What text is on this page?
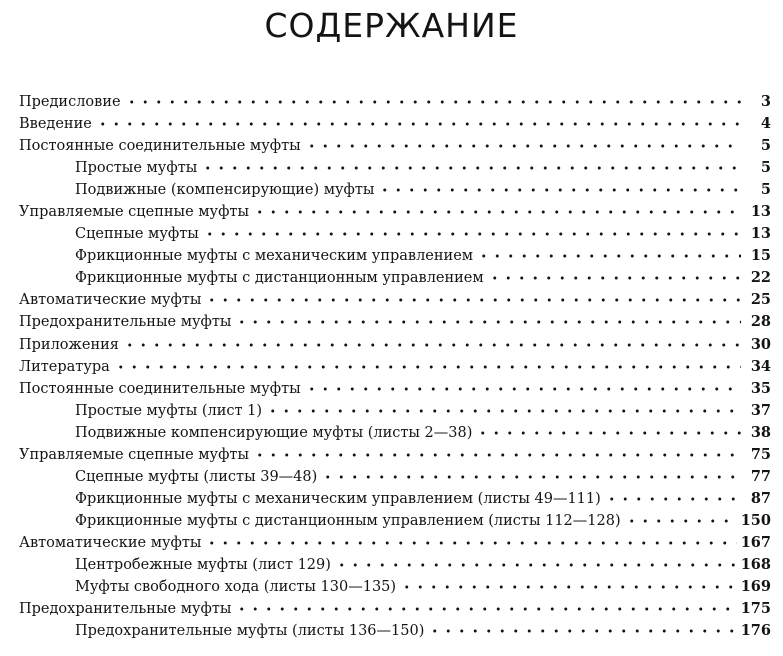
СОДЕРЖАНИЕ
Предисловие	3
Введение	4
Постоянные соединительные муфты	5
Простые муфты	5
Подвижные (компенсирующие) муфты	5
Управляемые сцепные муфты	13
Сцепные муфты	13
Фрикционные муфты с механическим управлением	15
Фрикционные муфты с дистанционным управлением	22
Автоматические муфты	25
Предохранительные муфты	28
Приложения	30
Литература	34
Постоянные соединительные муфты	35
Простые муфты (лист 1)	37
Подвижные компенсирующие муфты (листы 2—38)	38
Управляемые сцепные муфты	75
Сцепные муфты (листы 39—48)	77
Фрикционные муфты с механическим управлением (листы 49—111)	87
Фрикционные муфты с дистанционным управлением (листы 112—128)	150
Автоматические муфты	167
Центробежные муфты (лист 129)	168
Муфты свободного хода (листы 130—135)	169
Предохранительные муфты	175
Предохранительные муфты (листы 136—150)	176
